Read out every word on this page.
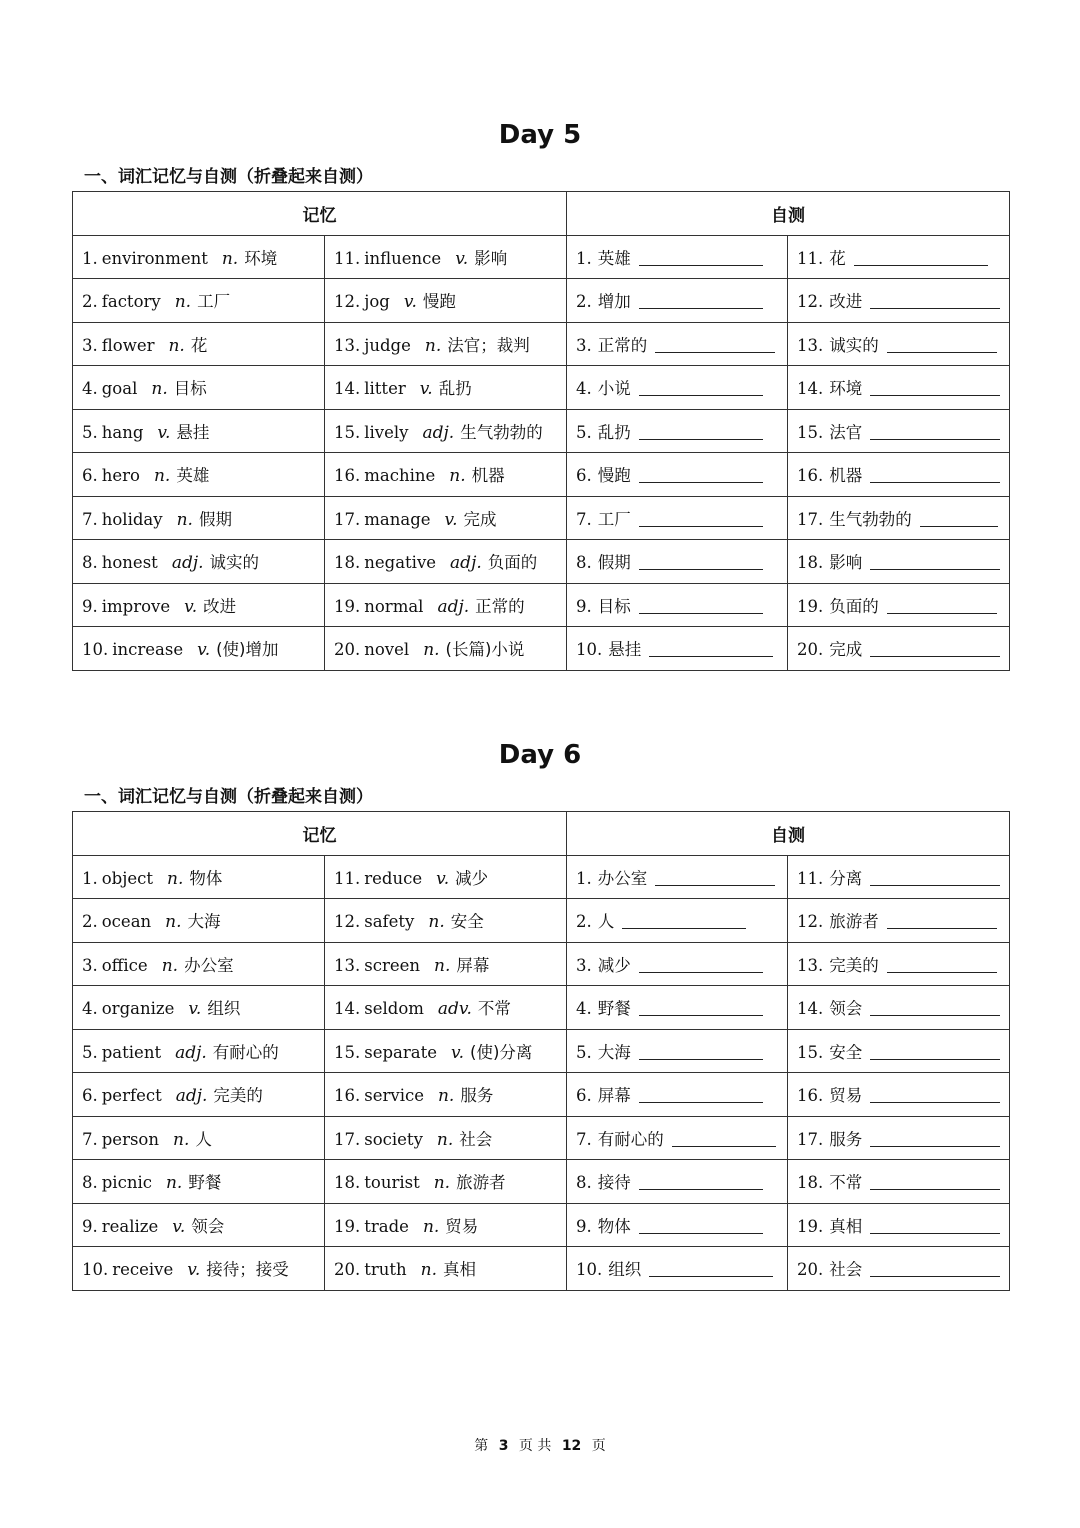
Day 5
一、词汇记忆与自测（折叠起来自测）
记忆		自测	
1. environment n. 环境	11. influence v. 影响	1. 英雄	11. 花
2. factory n. 工厂	12. jog v. 慢跑	2. 增加	12. 改进
3. flower n. 花	13. judge n. 法官；裁判	3. 正常的	13. 诚实的
4. goal n. 目标	14. litter v. 乱扔	4. 小说	14. 环境
5. hang v. 悬挂	15. lively adj. 生气勃勃的	5. 乱扔	15. 法官
6. hero n. 英雄	16. machine n. 机器	6. 慢跑	16. 机器
7. holiday n. 假期	17. manage v. 完成	7. 工厂	17. 生气勃勃的
8. honest adj. 诚实的	18. negative adj. 负面的	8. 假期	18. 影响
9. improve v. 改进	19. normal adj. 正常的	9. 目标	19. 负面的
10. increase v. (使)增加	20. novel n. (长篇)小说	10. 悬挂	20. 完成
Day 6
一、词汇记忆与自测（折叠起来自测）
记忆		自测	
1. object n. 物体	11. reduce v. 减少	1. 办公室	11. 分离
2. ocean n. 大海	12. safety n. 安全	2. 人	12. 旅游者
3. office n. 办公室	13. screen n. 屏幕	3. 减少	13. 完美的
4. organize v. 组织	14. seldom adv. 不常	4. 野餐	14. 领会
5. patient adj. 有耐心的	15. separate v. (使)分离	5. 大海	15. 安全
6. perfect adj. 完美的	16. service n. 服务	6. 屏幕	16. 贸易
7. person n. 人	17. society n. 社会	7. 有耐心的	17. 服务
8. picnic n. 野餐	18. tourist n. 旅游者	8. 接待	18. 不常
9. realize v. 领会	19. trade n. 贸易	9. 物体	19. 真相
10. receive v. 接待；接受	20. truth n. 真相	10. 组织	20. 社会
第 3 页 共 12 页
